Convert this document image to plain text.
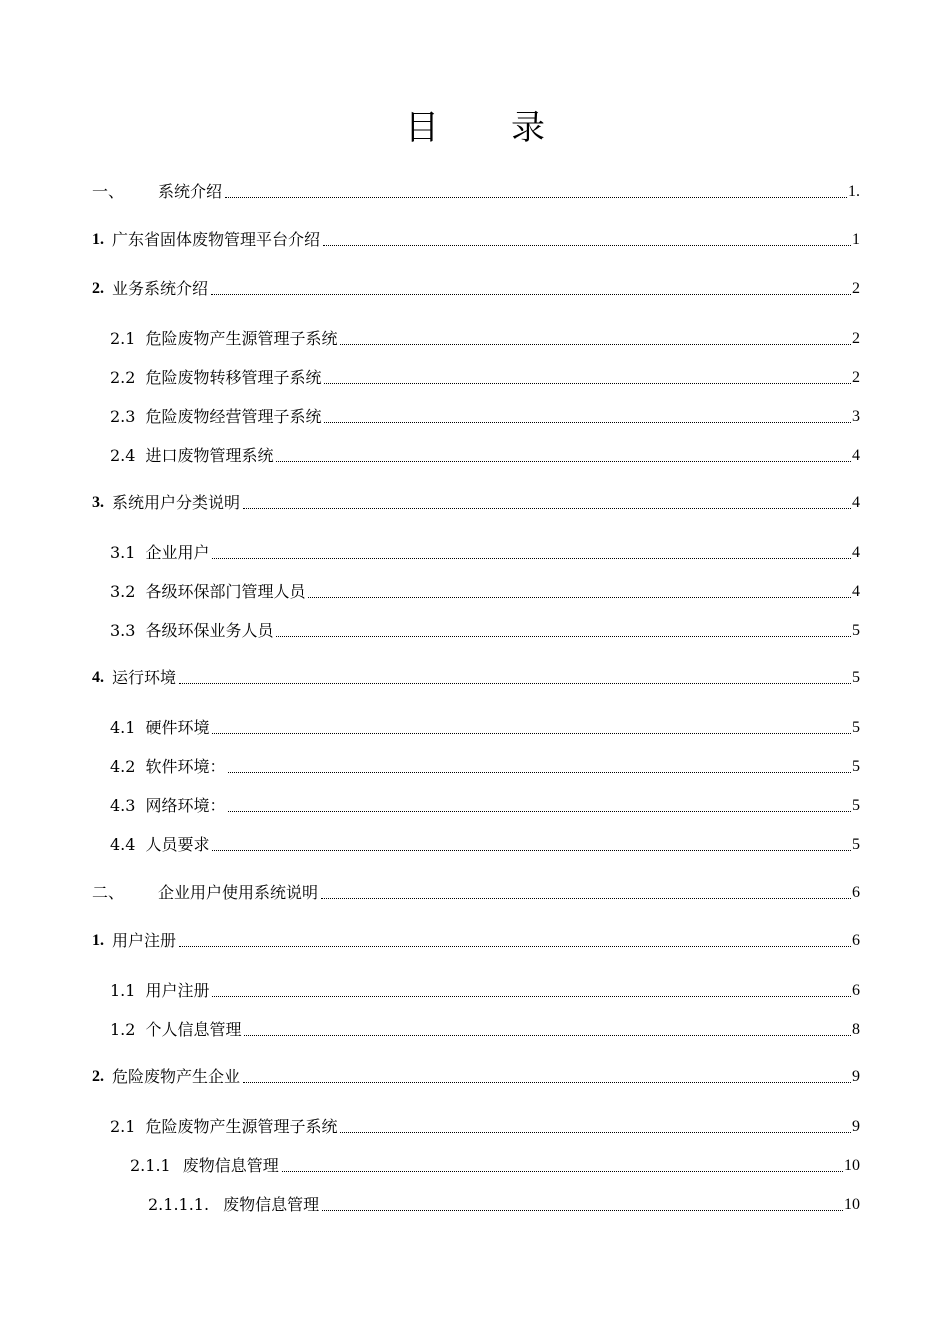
目 录
一、 系统介绍	1.
1. 广东省固体废物管理平台介绍	1
2. 业务系统介绍	2
2.1 危险废物产生源管理子系统	2
2.2 危险废物转移管理子系统	2
2.3 危险废物经营管理子系统	3
2.4 进口废物管理系统	4
3. 系统用户分类说明	4
3.1 企业用户	4
3.2 各级环保部门管理人员	4
3.3 各级环保业务人员	5
4. 运行环境	5
4.1 硬件环境	5
4.2 软件环境：	5
4.3 网络环境：	5
4.4 人员要求	5
二、 企业用户使用系统说明	6
1. 用户注册	6
1.1 用户注册	6
1.2 个人信息管理	8
2. 危险废物产生企业	9
2.1 危险废物产生源管理子系统	9
2.1.1 废物信息管理	10
2.1.1.1. 废物信息管理	10
